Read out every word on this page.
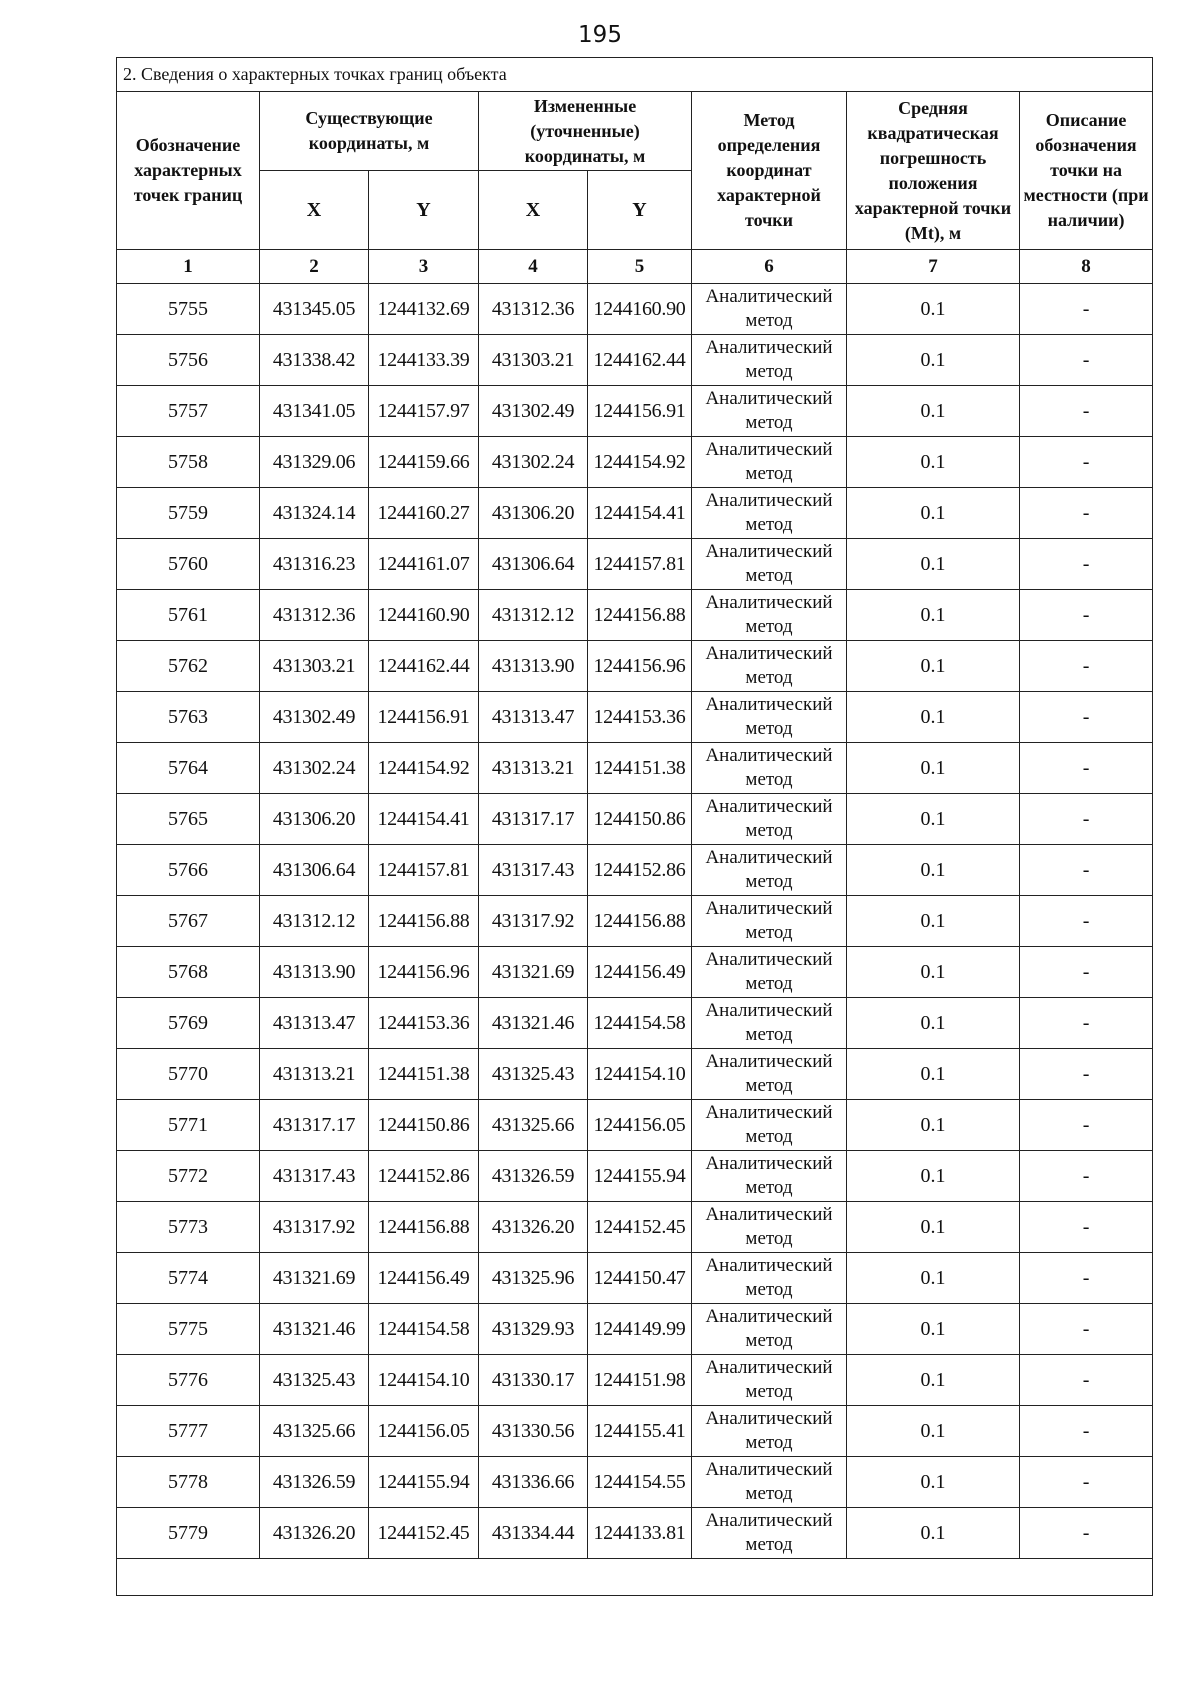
195
2. Сведения о характерных точках границ объекта							
Обозначение характерных точек границ	Существующие координаты, м		Измененные (уточненные) координаты, м		Метод определения координат характерной точки	Средняя квадратическая погрешность положения характерной точки (Mt), м	Описание обозначения точки на местности (при наличии)
	X	Y	X	Y			
1	2	3	4	5	6	7	8
5755	431345.05	1244132.69	431312.36	1244160.90	Аналитический метод	0.1	-
5756	431338.42	1244133.39	431303.21	1244162.44	Аналитический метод	0.1	-
5757	431341.05	1244157.97	431302.49	1244156.91	Аналитический метод	0.1	-
5758	431329.06	1244159.66	431302.24	1244154.92	Аналитический метод	0.1	-
5759	431324.14	1244160.27	431306.20	1244154.41	Аналитический метод	0.1	-
5760	431316.23	1244161.07	431306.64	1244157.81	Аналитический метод	0.1	-
5761	431312.36	1244160.90	431312.12	1244156.88	Аналитический метод	0.1	-
5762	431303.21	1244162.44	431313.90	1244156.96	Аналитический метод	0.1	-
5763	431302.49	1244156.91	431313.47	1244153.36	Аналитический метод	0.1	-
5764	431302.24	1244154.92	431313.21	1244151.38	Аналитический метод	0.1	-
5765	431306.20	1244154.41	431317.17	1244150.86	Аналитический метод	0.1	-
5766	431306.64	1244157.81	431317.43	1244152.86	Аналитический метод	0.1	-
5767	431312.12	1244156.88	431317.92	1244156.88	Аналитический метод	0.1	-
5768	431313.90	1244156.96	431321.69	1244156.49	Аналитический метод	0.1	-
5769	431313.47	1244153.36	431321.46	1244154.58	Аналитический метод	0.1	-
5770	431313.21	1244151.38	431325.43	1244154.10	Аналитический метод	0.1	-
5771	431317.17	1244150.86	431325.66	1244156.05	Аналитический метод	0.1	-
5772	431317.43	1244152.86	431326.59	1244155.94	Аналитический метод	0.1	-
5773	431317.92	1244156.88	431326.20	1244152.45	Аналитический метод	0.1	-
5774	431321.69	1244156.49	431325.96	1244150.47	Аналитический метод	0.1	-
5775	431321.46	1244154.58	431329.93	1244149.99	Аналитический метод	0.1	-
5776	431325.43	1244154.10	431330.17	1244151.98	Аналитический метод	0.1	-
5777	431325.66	1244156.05	431330.56	1244155.41	Аналитический метод	0.1	-
5778	431326.59	1244155.94	431336.66	1244154.55	Аналитический метод	0.1	-
5779	431326.20	1244152.45	431334.44	1244133.81	Аналитический метод	0.1	-
